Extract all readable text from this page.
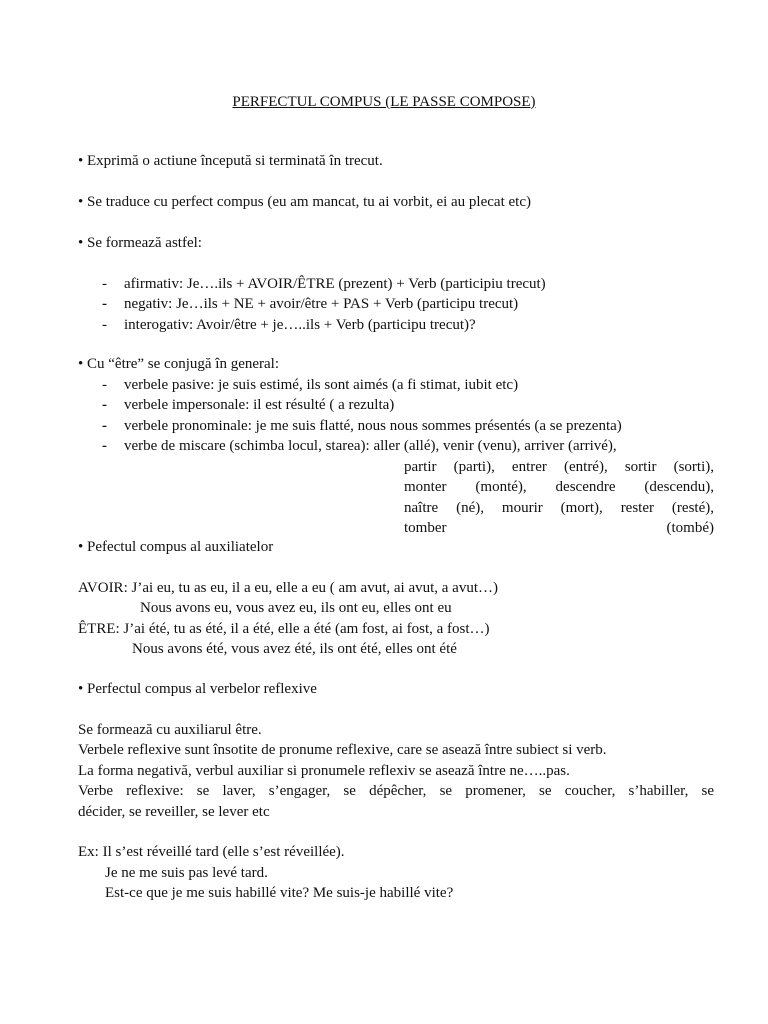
PERFECTUL COMPUS (LE PASSE COMPOSE)
• Exprimă o actiune începută si terminată în trecut.
• Se traduce cu perfect compus (eu am mancat, tu ai vorbit, ei au plecat etc)
• Se formează astfel:
- afirmativ: Je….ils + AVOIR/ÊTRE (prezent) + Verb (participiu trecut)
- negativ: Je…ils + NE + avoir/être + PAS + Verb (participu trecut)
- interogativ: Avoir/être + je…..ils + Verb (participu trecut)?
• Cu “être” se conjugă în general:
- verbele pasive: je suis estimé, ils sont aimés (a fi stimat, iubit etc)
- verbele impersonale: il est résulté ( a rezulta)
- verbele pronominale: je me suis flatté, nous nous sommes présentés (a se prezenta)
- verbe de miscare (schimba locul, starea): aller (allé), venir (venu), arriver (arrivé),
partir (parti), entrer (entré), sortir (sorti),
monter (monté), descendre (descendu),
naître (né), mourir (mort), rester (resté),
tomber (tombé)
• Pefectul compus al auxiliatelor
AVOIR: J’ai eu, tu as eu, il a eu, elle a eu ( am avut, ai avut, a avut…)
Nous avons eu, vous avez eu, ils ont eu, elles ont eu
ÊTRE: J’ai été, tu as été, il a été, elle a été (am fost, ai fost, a fost…)
Nous avons été, vous avez été, ils ont été, elles ont été
• Perfectul compus al verbelor reflexive
Se formează cu auxiliarul être.
Verbele reflexive sunt însotite de pronume reflexive, care se asează între subiect si verb.
La forma negativă, verbul auxiliar si pronumele reflexiv se asează între ne…..pas.
Verbe reflexive: se laver, s’engager, se dépêcher, se promener, se coucher, s’habiller, se
décider, se reveiller, se lever etc
Ex: Il s’est réveillé tard (elle s’est réveillée).
Je ne me suis pas levé tard.
Est-ce que je me suis habillé vite? Me suis-je habillé vite?
